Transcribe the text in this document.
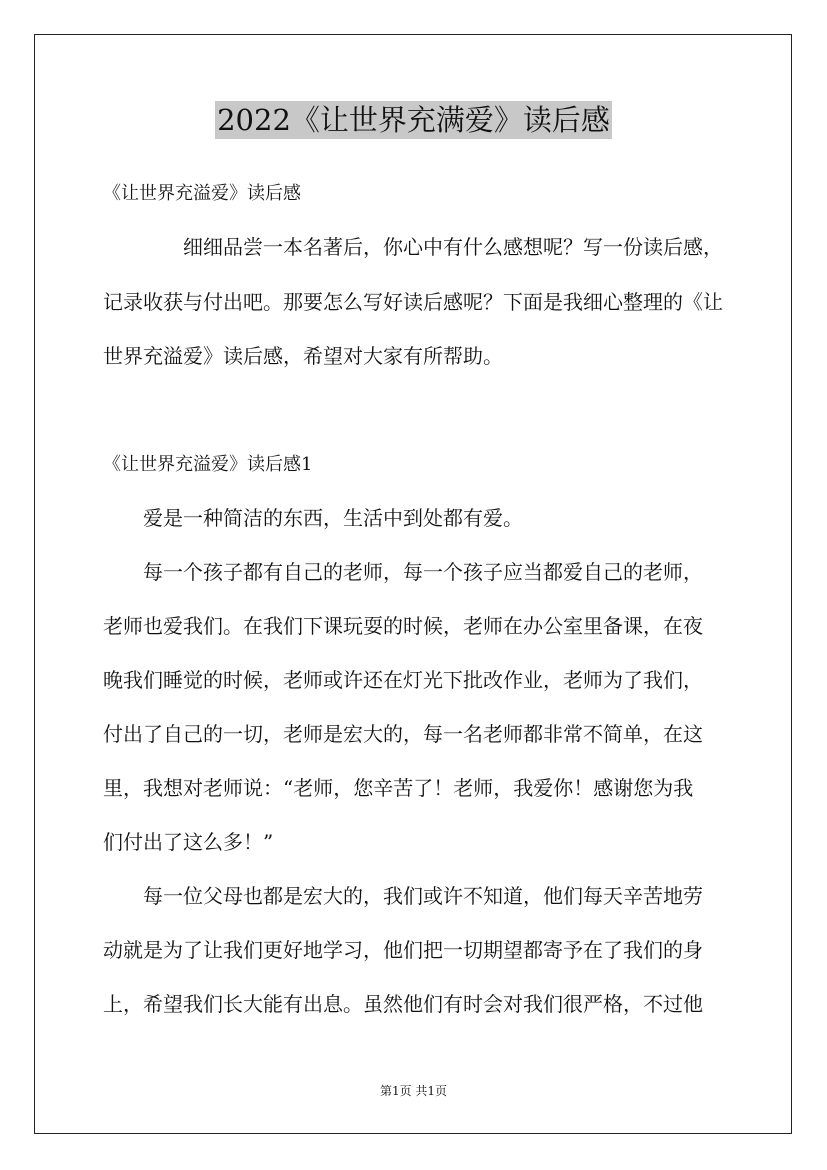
2022《让世界充满爱》读后感
《让世界充溢爱》读后感
细细品尝一本名著后，你心中有什么感想呢？写一份读后感，
记录收获与付出吧。那要怎么写好读后感呢？下面是我细心整理的《让
世界充溢爱》读后感，希望对大家有所帮助。
《让世界充溢爱》读后感1
爱是一种简洁的东西，生活中到处都有爱。
每一个孩子都有自己的老师，每一个孩子应当都爱自己的老师，
老师也爱我们。在我们下课玩耍的时候，老师在办公室里备课，在夜
晚我们睡觉的时候，老师或许还在灯光下批改作业，老师为了我们，
付出了自己的一切，老师是宏大的，每一名老师都非常不简单，在这
里，我想对老师说：“老师，您辛苦了！老师，我爱你！感谢您为我
们付出了这么多！”
每一位父母也都是宏大的，我们或许不知道，他们每天辛苦地劳
动就是为了让我们更好地学习，他们把一切期望都寄予在了我们的身
上，希望我们长大能有出息。虽然他们有时会对我们很严格，不过他
第1页 共1页
